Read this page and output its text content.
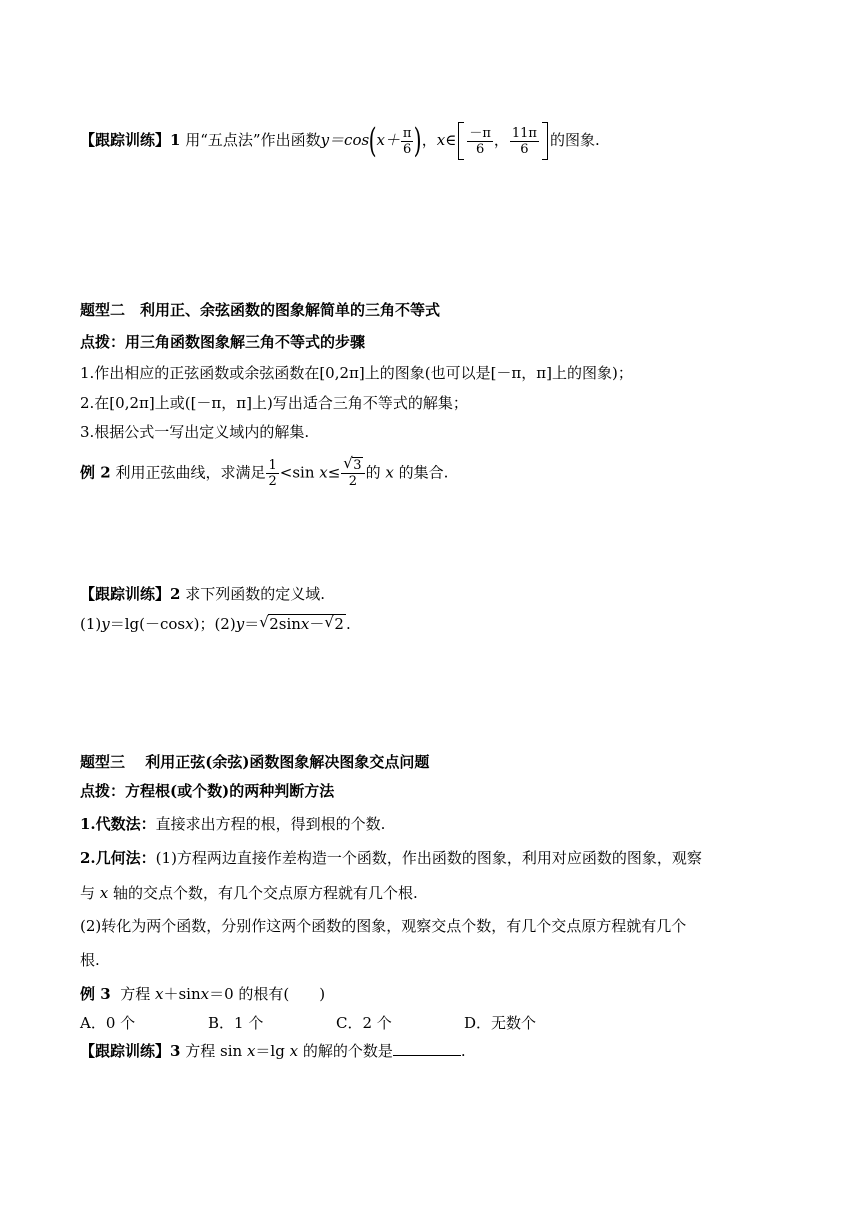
【跟踪训练】1 用“五点法”作出函数$y=\cos(x+ \frac{\pi}{6}$ )，x∈ $\frac{-\pi}{6}$ ， $\frac{11\pi}{6}$ 的图象.
题型二　利用正、余弦函数的图象解简单的三角不等式
点拨：用三角函数图象解三角不等式的步骤
1.作出相应的正弦函数或余弦函数在[0,2π]上的图象(也可以是[－π，π]上的图象)；
2.在[0,2π]上或([－π，π]上)写出适合三角不等式的解集；
3.根据公式一写出定义域内的解集.
例 2 利用正弦曲线，求满足 $\frac{1}{2} <\sin$ x≤ √ $\frac{3}{2}$ 的 x 的集合.
【跟踪训练】2 求下列函数的定义域.
(1)y＝lg(－cosx)；(2)y＝ √ 2sinx－ √ 2 .
题型三　 利用正弦(余弦)函数图象解决图象交点问题
点拨：方程根(或个数)的两种判断方法
1.代数法：直接求出方程的根，得到根的个数.
2.几何法：(1)方程两边直接作差构造一个函数，作出函数的图象，利用对应函数的图象，观察
与 x 轴的交点个数，有几个交点原方程就有几个根.
(2)转化为两个函数，分别作这两个函数的图象，观察交点个数，有几个交点原方程就有几个
根.
例 3 方程 x＋sinx＝0 的根有(　　)
A．0 个	B．1 个	C．2 个	D．无数个
【跟踪训练】3 方程 sin x＝lg x 的解的个数是	.
